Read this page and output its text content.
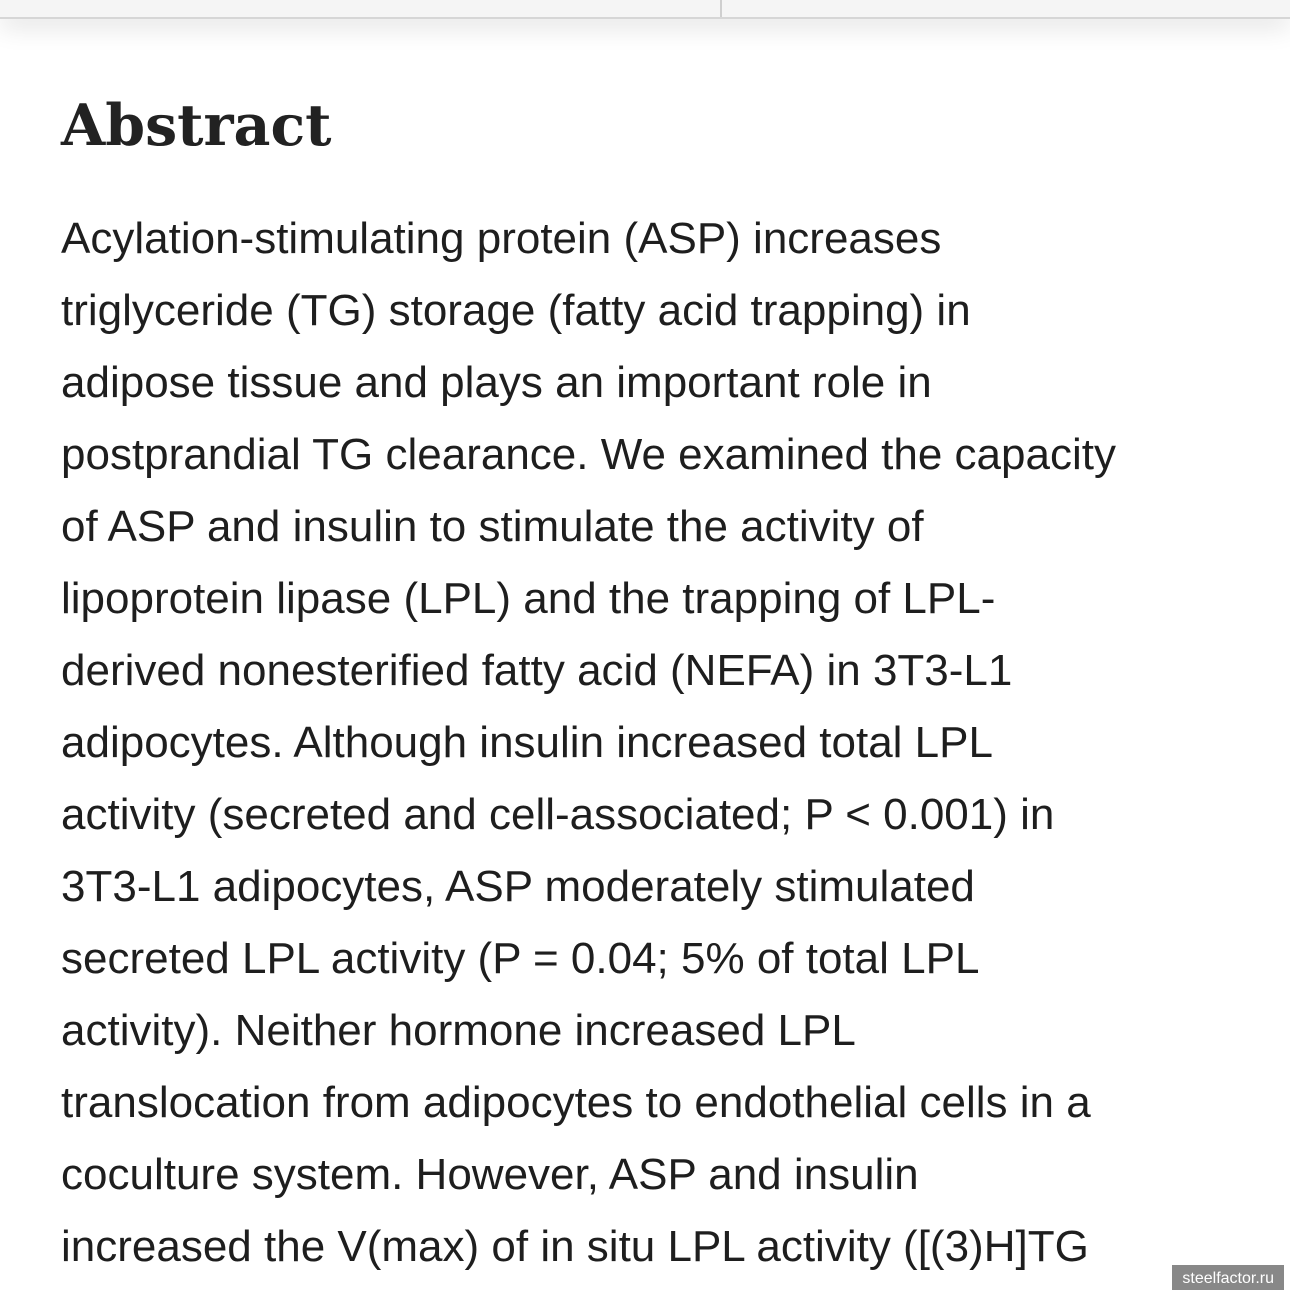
Abstract
Acylation-stimulating protein (ASP) increases
triglyceride (TG) storage (fatty acid trapping) in
adipose tissue and plays an important role in
postprandial TG clearance. We examined the capacity
of ASP and insulin to stimulate the activity of
lipoprotein lipase (LPL) and the trapping of LPL-
derived nonesterified fatty acid (NEFA) in 3T3-L1
adipocytes. Although insulin increased total LPL
activity (secreted and cell-associated; P < 0.001) in
3T3-L1 adipocytes, ASP moderately stimulated
secreted LPL activity (P = 0.04; 5% of total LPL
activity). Neither hormone increased LPL
translocation from adipocytes to endothelial cells in a
coculture system. However, ASP and insulin
increased the V(max) of in situ LPL activity ([(3)H]TG
steelfactor.ru
